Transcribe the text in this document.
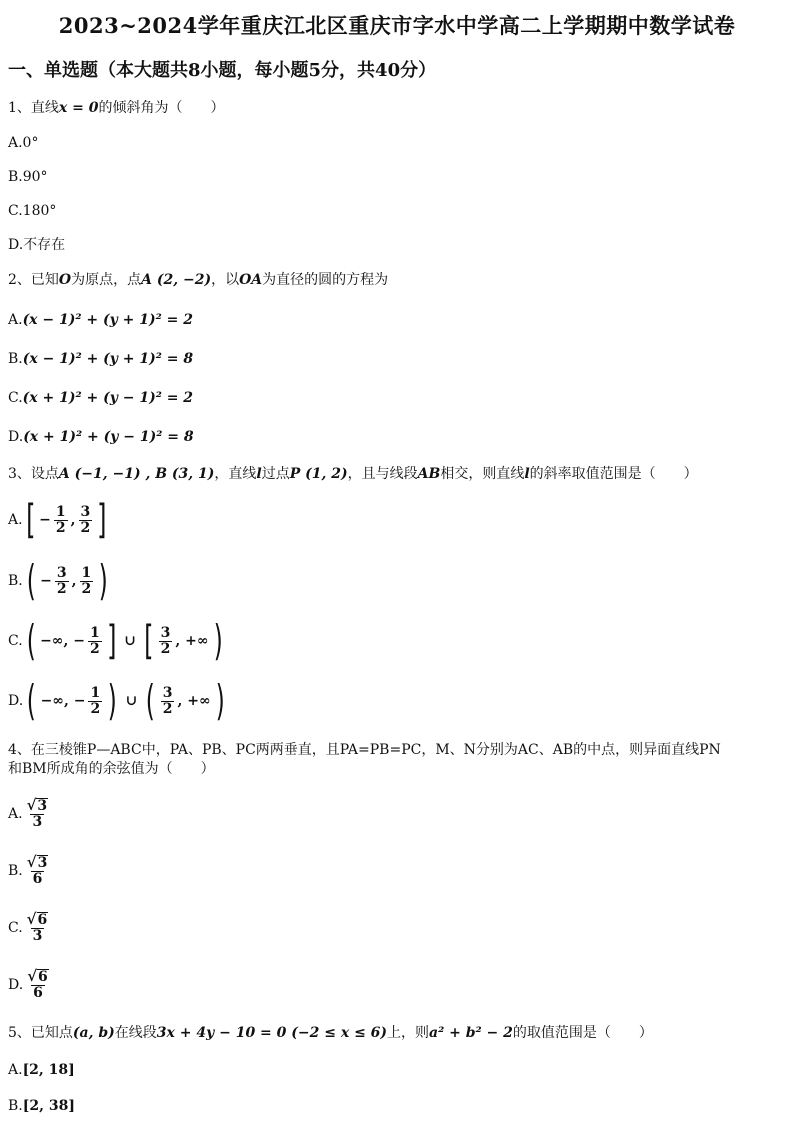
2023~2024学年重庆江北区重庆市字水中学高二上学期期中数学试卷
一、单选题（本大题共8小题，每小题5分，共40分）
1、直线x = 0的倾斜角为（　　）
A.0°
B.90°
C.180°
D.不存在
2、已知O为原点，点A (2, −2)，以OA为直径的圆的方程为
A. (x − 1)² + (y + 1)² = 2
B. (x − 1)² + (y + 1)² = 8
C. (x + 1)² + (y − 1)² = 2
D. (x + 1)² + (y − 1)² = 8
3、设点A (−1, −1) , B (3, 1)，直线l过点P (1, 2)，且与线段AB相交，则直线l的斜率取值范围是（　　）
A. [ − $\frac{1}{2}$ , $\frac{3}{2}$ ]
B. ( − $\frac{3}{2}$ , $\frac{1}{2}$ )
C. ( −∞, − $\frac{1}{2}$ ] ∪ [ $\frac{3}{2}$ , +∞ )
D. ( −∞, − $\frac{1}{2}$ ) ∪ ( $\frac{3}{2}$ , +∞ )
4、在三棱锥P—ABC中，PA、PB、PC两两垂直，且PA=PB=PC，M、N分别为AC、AB的中点，则异面直线PN
和BM所成角的余弦值为（　　）
A. $\frac{√ 3}{3}$
B. $\frac{√ 3}{6}$
C. $\frac{√ 6}{3}$
D. $\frac{√ 6}{6}$
5、已知点(a, b)在线段3x + 4y − 10 = 0 (−2 ≤ x ≤ 6)上，则a² + b² − 2的取值范围是（　　）
A. [2, 18]
B. [2, 38]
